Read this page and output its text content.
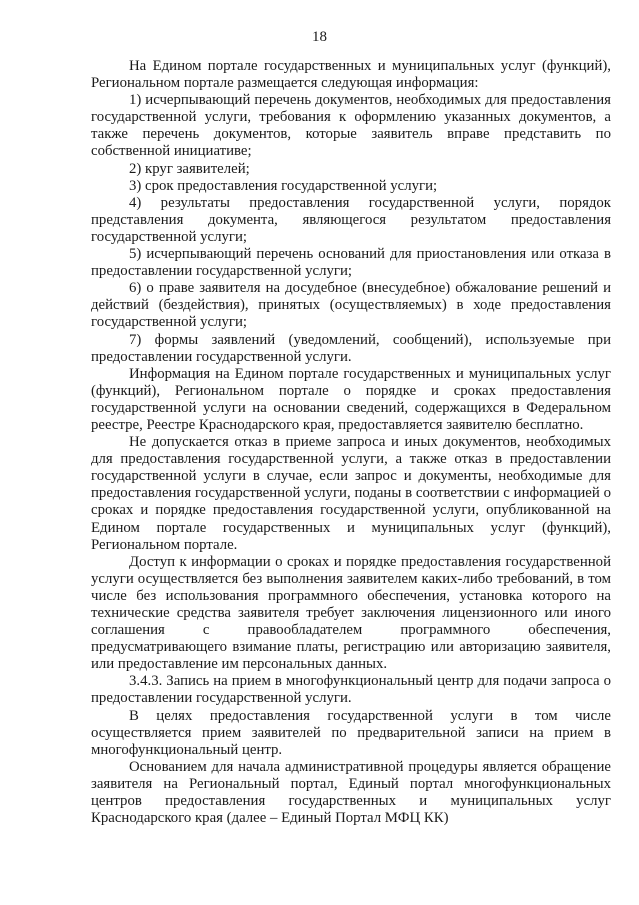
18

На Едином портале государственных и муниципальных услуг (функций), Региональном портале размещается следующая информация:

1) исчерпывающий перечень документов, необходимых для предоставления государственной услуги, требования к оформлению указанных документов, а также перечень документов, которые заявитель вправе представить по собственной инициативе;

2) круг заявителей;

3) срок предоставления государственной услуги;

4) результаты предоставления государственной услуги, порядок представления документа, являющегося результатом предоставления государственной услуги;

5) исчерпывающий перечень оснований для приостановления или отказа в предоставлении государственной услуги;

6) о праве заявителя на досудебное (внесудебное) обжалование решений и действий (бездействия), принятых (осуществляемых) в ходе предоставления государственной услуги;

7) формы заявлений (уведомлений, сообщений), используемые при предоставлении государственной услуги.

Информация на Едином портале государственных и муниципальных услуг (функций), Региональном портале о порядке и сроках предоставления государственной услуги на основании сведений, содержащихся в Федеральном реестре, Реестре Краснодарского края, предоставляется заявителю бесплатно.

Не допускается отказ в приеме запроса и иных документов, необходимых для предоставления государственной услуги, а также отказ в предоставлении государственной услуги в случае, если запрос и документы, необходимые для предоставления государственной услуги, поданы в соответствии с информацией о сроках и порядке предоставления государственной услуги, опубликованной на Едином портале государственных и муниципальных услуг (функций), Региональном портале.

Доступ к информации о сроках и порядке предоставления государственной услуги осуществляется без выполнения заявителем каких-либо требований, в том числе без использования программного обеспечения, установка которого на технические средства заявителя требует заключения лицензионного или иного соглашения с правообладателем программного обеспечения, предусматривающего взимание платы, регистрацию или авторизацию заявителя, или предоставление им персональных данных.

3.4.3. Запись на прием в многофункциональный центр для подачи запроса о предоставлении государственной услуги.

В целях предоставления государственной услуги в том числе осуществляется прием заявителей по предварительной записи на прием в многофункциональный центр.

Основанием для начала административной процедуры является обращение заявителя на Региональный портал, Единый портал многофункциональных центров предоставления государственных и муниципальных услуг Краснодарского края (далее – Единый Портал МФЦ КК)
